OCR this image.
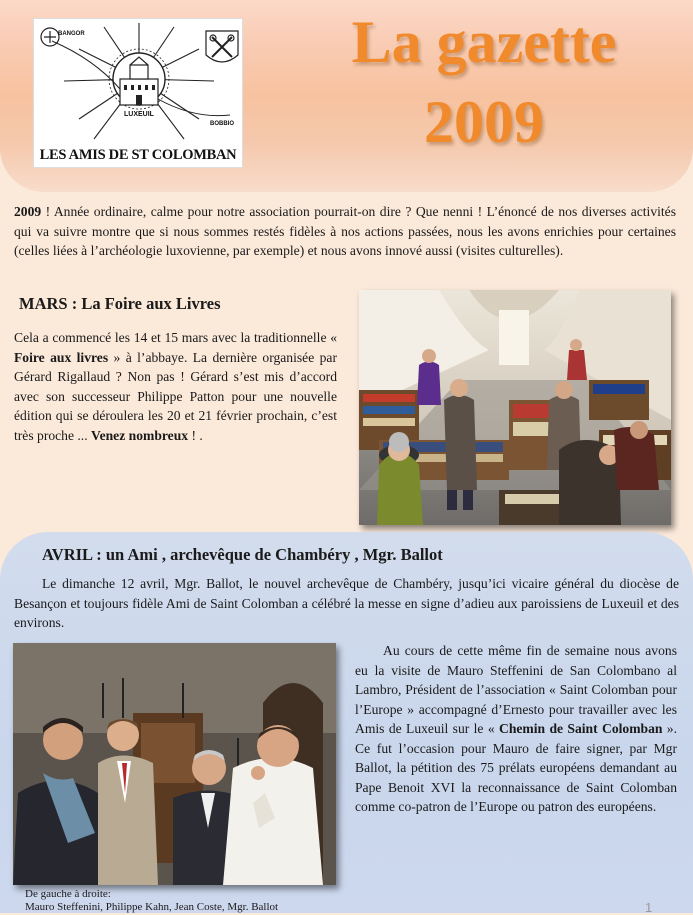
BANGOR
LUXEUIL
BOBBIO
LES AMIS DE ST COLOMBAN
La gazette
2009

2009 ! Année ordinaire, calme pour notre association pourrait-on dire ? Que nenni ! L’énoncé de nos diverses activités qui va suivre montre que si nous sommes restés fidèles à nos actions passées, nous les avons enrichies pour certaines (celles liées à l’archéologie luxovienne, par exemple) et nous avons innové aussi (visites culturelles).

MARS : La Foire aux Livres

Cela a commencé les 14 et 15 mars avec la traditionnelle « Foire aux livres » à l’abbaye. La dernière organisée par Gérard Rigallaud ? Non pas ! Gérard s’est mis d’accord avec son successeur Philippe Patton pour une nouvelle édition qui se déroulera les 20 et 21 février prochain, c’est très proche ... Venez nombreux ! .

AVRIL : un Ami , archevêque de Chambéry , Mgr. Ballot

Le dimanche 12 avril, Mgr. Ballot, le nouvel archevêque de Chambéry, jusqu’ici vicaire général du diocèse de Besançon et toujours fidèle Ami de Saint Colomban a célébré la messe en signe d’adieu aux paroissiens de Luxeuil et des environs.

Au cours de cette même fin de semaine nous avons eu la visite de Mauro Steffenini de San Colombano al Lambro, Président de l’association « Saint Colomban pour l’Europe » accompagné d’Ernesto pour travailler avec les Amis de Luxeuil sur le « Chemin de Saint Colomban ». Ce fut l’occasion pour Mauro de faire signer, par Mgr Ballot, la pétition des 75 prélats européens demandant au Pape Benoit XVI la reconnaissance de Saint Colomban comme co-patron de l’Europe ou patron des européens.

De gauche à droite:
Mauro Steffenini, Philippe Kahn, Jean Coste, Mgr. Ballot	1
